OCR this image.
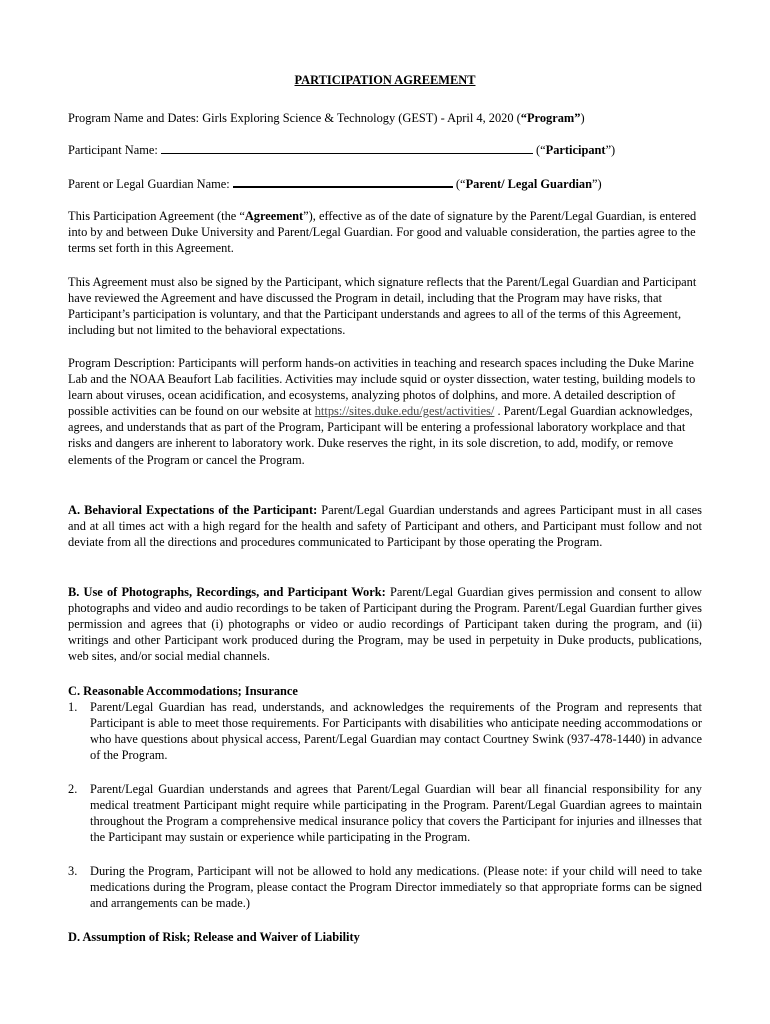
PARTICIPATION AGREEMENT

Program Name and Dates: Girls Exploring Science & Technology (GEST) - April 4, 2020 (“Program”)

Participant Name:	(“Participant”)

Parent or Legal Guardian Name:	(“Parent/ Legal Guardian”)

This Participation Agreement (the “Agreement”), effective as of the date of signature by the Parent/Legal Guardian, is entered into by and between Duke University and Parent/Legal Guardian. For good and valuable consideration, the parties agree to the terms set forth in this Agreement.

This Agreement must also be signed by the Participant, which signature reflects that the Parent/Legal Guardian and Participant have reviewed the Agreement and have discussed the Program in detail, including that the Program may have risks, that Participant’s participation is voluntary, and that the Participant understands and agrees to all of the terms of this Agreement, including but not limited to the behavioral expectations.

Program Description: Participants will perform hands-on activities in teaching and research spaces including the Duke Marine Lab and the NOAA Beaufort Lab facilities. Activities may include squid or oyster dissection, water testing, building models to learn about viruses, ocean acidification, and ecosystems, analyzing photos of dolphins, and more. A detailed description of possible activities can be found on our website at https://sites.duke.edu/gest/activities/ . Parent/Legal Guardian acknowledges, agrees, and understands that as part of the Program, Participant will be entering a professional laboratory workplace and that risks and dangers are inherent to laboratory work. Duke reserves the right, in its sole discretion, to add, modify, or remove elements of the Program or cancel the Program.

A. Behavioral Expectations of the Participant: Parent/Legal Guardian understands and agrees Participant must in all cases and at all times act with a high regard for the health and safety of Participant and others, and Participant must follow and not deviate from all the directions and procedures communicated to Participant by those operating the Program.

B. Use of Photographs, Recordings, and Participant Work: Parent/Legal Guardian gives permission and consent to allow photographs and video and audio recordings to be taken of Participant during the Program. Parent/Legal Guardian further gives permission and agrees that (i) photographs or video or audio recordings of Participant taken during the program, and (ii) writings and other Participant work produced during the Program, may be used in perpetuity in Duke products, publications, web sites, and/or social medial channels.

C. Reasonable Accommodations; Insurance

1. Parent/Legal Guardian has read, understands, and acknowledges the requirements of the Program and represents that Participant is able to meet those requirements. For Participants with disabilities who anticipate needing accommodations or who have questions about physical access, Parent/Legal Guardian may contact Courtney Swink (937-478-1440) in advance of the Program.
2. Parent/Legal Guardian understands and agrees that Parent/Legal Guardian will bear all financial responsibility for any medical treatment Participant might require while participating in the Program. Parent/Legal Guardian agrees to maintain throughout the Program a comprehensive medical insurance policy that covers the Participant for injuries and illnesses that the Participant may sustain or experience while participating in the Program.
3. During the Program, Participant will not be allowed to hold any medications. (Please note: if your child will need to take medications during the Program, please contact the Program Director immediately so that appropriate forms can be signed and arrangements can be made.)

D. Assumption of Risk; Release and Waiver of Liability
